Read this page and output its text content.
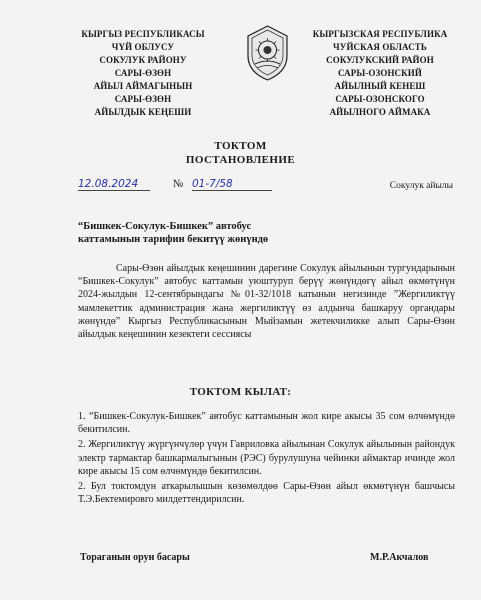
КЫРГЫЗ РЕСПУБЛИКАСЫ
ЧҮЙ ОБЛУСУ
СОКУЛУК РАЙОНУ
САРЫ-ӨЗӨН
АЙЫЛ АЙМАГЫНЫН
САРЫ-ӨЗӨН
АЙЫЛДЫК КЕҢЕШИ
КЫРГЫЗСКАЯ РЕСПУБЛИКА
ЧУЙСКАЯ ОБЛАСТЬ
СОКУЛУКСКИЙ РАЙОН
САРЫ-ОЗОНСКИЙ
АЙЫЛНЫЙ КЕНЕШ
САРЫ-ОЗОНСКОГО
АЙЫЛНОГО АЙМАКА
ТОКТОМ
ПОСТАНОВЛЕНИЕ
12.08.2024	№ 01-7/58	Сокулук айылы
“Бишкек-Сокулук-Бишкек” автобус
каттамынын тарифин бекитүү жөнүндө
Сары-Өзөн айылдык кеңешинин дарегине Сокулук айылынын тургундарынын “Бишкек-Сокулук” автобус каттамын уюштуруп берүү жөнүндөгү айыл өкмөтүнүн 2024-жылдын 12-сентябрындагы №01-32/1018 катынын негизинде ”Жергиликтүү мамлекеттик администрация жана жергиликтүү өз алдынча башкаруу органдары жөнүндө” Кыргыз Республикасынын Мыйзамын жетекчиликке алып Сары-Өзөн айылдык кеңешинин кезектеги сессиясы
ТОКТОМ КЫЛАТ:

1. “Бишкек-Сокулук-Бишкек” автобус каттамынын жол кире акысы 35 сом өлчөмүндө бекитилсин.

2. Жергиликтүү жүргүнчүлөр үчүн Гавриловка айылынан Сокулук айылынын райондук электр тармактар башкармалыгынын (РЭС) бурулушуна чейинки аймактар ичинде жол кире акысы 15 сом өлчөмүндө бекитилсин.

2. Бул токтомдун аткарылышын көзөмөлдөө Сары-Өзөн айыл өкмөтүнүн башчысы Т.Э.Бектемировго милдеттендирилсин.

Тораганын орун басары	М.Р.Акчалов
